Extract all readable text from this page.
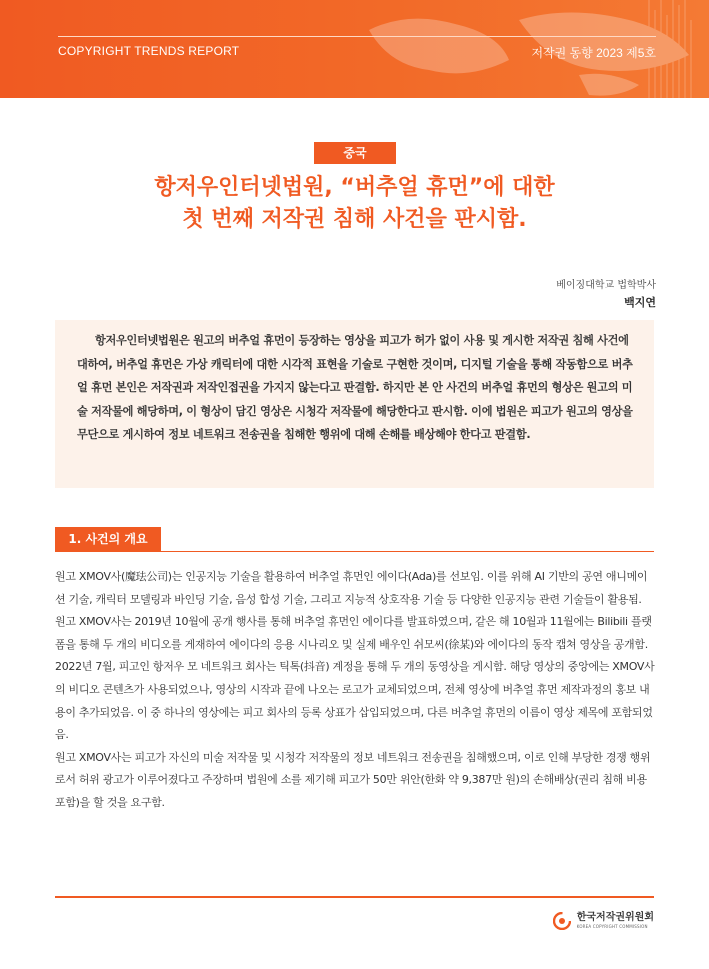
COPYRIGHT TRENDS REPORT	저작권 동향 2023 제5호
중국
항저우인터넷법원, “버추얼 휴먼”에 대한
첫 번째 저작권 침해 사건을 판시함.
베이징대학교 법학박사
백지연

항저우인터넷법원은 원고의 버추얼 휴먼이 등장하는 영상을 피고가 허가 없이 사용 및 게시한 저작권 침해 사건에 대하여, 버추얼 휴먼은 가상 캐릭터에 대한 시각적 표현을 기술로 구현한 것이며, 디지털 기술을 통해 작동함으로 버추얼 휴먼 본인은 저작권과 저작인접권을 가지지 않는다고 판결함. 하지만 본 안 사건의 버추얼 휴먼의 형상은 원고의 미술 저작물에 해당하며, 이 형상이 담긴 영상은 시청각 저작물에 해당한다고 판시함. 이에 법원은 피고가 원고의 영상을 무단으로 게시하여 정보 네트워크 전송권을 침해한 행위에 대해 손해를 배상해야 한다고 판결함.

1. 사건의 개요

원고 XMOV사(魔珐公司)는 인공지능 기술을 활용하여 버추얼 휴먼인 에이다(Ada)를 선보임. 이를 위해 AI 기반의 공연 애니메이션 기술, 캐릭터 모델링과 바인딩 기술, 음성 합성 기술, 그리고 지능적 상호작용 기술 등 다양한 인공지능 관련 기술들이 활용됨. 원고 XMOV사는 2019년 10월에 공개 행사를 통해 버추얼 휴먼인 에이다를 발표하였으며, 같은 해 10월과 11월에는 Bilibili 플랫폼을 통해 두 개의 비디오를 게재하여 에이다의 응용 시나리오 및 실제 배우인 쉬모씨(徐某)와 에이다의 동작 캡쳐 영상을 공개함.

2022년 7월, 피고인 항저우 모 네트워크 회사는 틱톡(抖音) 계정을 통해 두 개의 동영상을 게시함. 해당 영상의 중앙에는 XMOV사의 비디오 콘텐츠가 사용되었으나, 영상의 시작과 끝에 나오는 로고가 교체되었으며, 전체 영상에 버추얼 휴먼 제작과정의 홍보 내용이 추가되었음. 이 중 하나의 영상에는 피고 회사의 등록 상표가 삽입되었으며, 다른 버추얼 휴먼의 이름이 영상 제목에 포함되었음.

원고 XMOV사는 피고가 자신의 미술 저작물 및 시청각 저작물의 정보 네트워크 전송권을 침해했으며, 이로 인해 부당한 경쟁 행위로서 허위 광고가 이루어졌다고 주장하며 법원에 소를 제기해 피고가 50만 위안(한화 약 9,387만 원)의 손해배상(권리 침해 비용 포함)을 할 것을 요구함.

한국저작권위원회
KOREA COPYRIGHT COMMISSION
